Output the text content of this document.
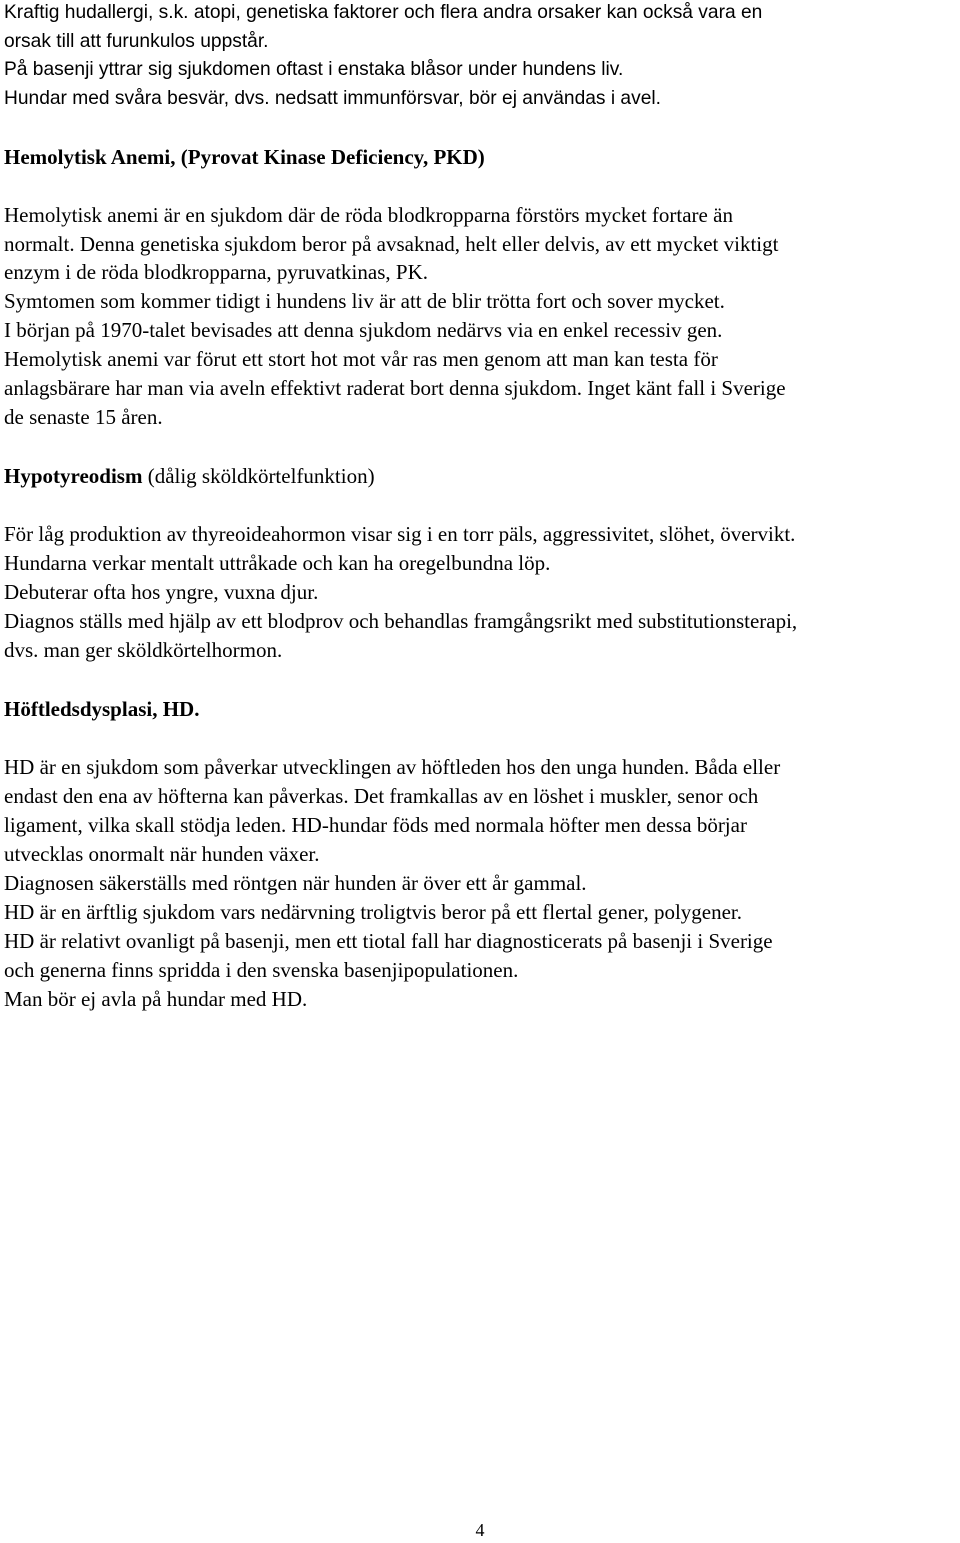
Kraftig hudallergi, s.k. atopi, genetiska faktorer och flera andra orsaker kan också vara en
orsak till att furunkulos uppstår.
På basenji yttrar sig sjukdomen oftast i enstaka blåsor under hundens liv.
Hundar med svåra besvär, dvs. nedsatt immunförsvar, bör ej användas i avel.
Hemolytisk Anemi, (Pyrovat Kinase Deficiency, PKD)
Hemolytisk anemi är en sjukdom där de röda blodkropparna förstörs mycket fortare än
normalt. Denna genetiska sjukdom beror på avsaknad, helt eller delvis, av ett mycket viktigt
enzym i de röda blodkropparna, pyruvatkinas, PK.
Symtomen som kommer tidigt i hundens liv är att de blir trötta fort och sover mycket.
I början på 1970-talet bevisades att denna sjukdom nedärvs via en enkel recessiv gen.
Hemolytisk anemi var förut ett stort hot mot vår ras men genom att man kan testa för
anlagsbärare har man via aveln effektivt raderat bort denna sjukdom. Inget känt fall i Sverige
de senaste 15 åren.
Hypotyreodism (dålig sköldkörtelfunktion)
För låg produktion av thyreoideahormon visar sig i en torr päls, aggressivitet, slöhet, övervikt.
Hundarna verkar mentalt uttråkade och kan ha oregelbundna löp.
Debuterar ofta hos yngre, vuxna djur.
Diagnos ställs med hjälp av ett blodprov och behandlas framgångsrikt med substitutionsterapi,
dvs. man ger sköldkörtelhormon.
Höftledsdysplasi, HD.
HD är en sjukdom som påverkar utvecklingen av höftleden hos den unga hunden. Båda eller
endast den ena av höfterna kan påverkas. Det framkallas av en löshet i muskler, senor och
ligament, vilka skall stödja leden. HD-hundar föds med normala höfter men dessa börjar
utvecklas onormalt när hunden växer.
Diagnosen säkerställs med röntgen när hunden är över ett år gammal.
HD är en ärftlig sjukdom vars nedärvning troligtvis beror på ett flertal gener, polygener.
HD är relativt ovanligt på basenji, men ett tiotal fall har diagnosticerats på basenji i Sverige
och generna finns spridda i den svenska basenjipopulationen.
Man bör ej avla på hundar med HD.
4
